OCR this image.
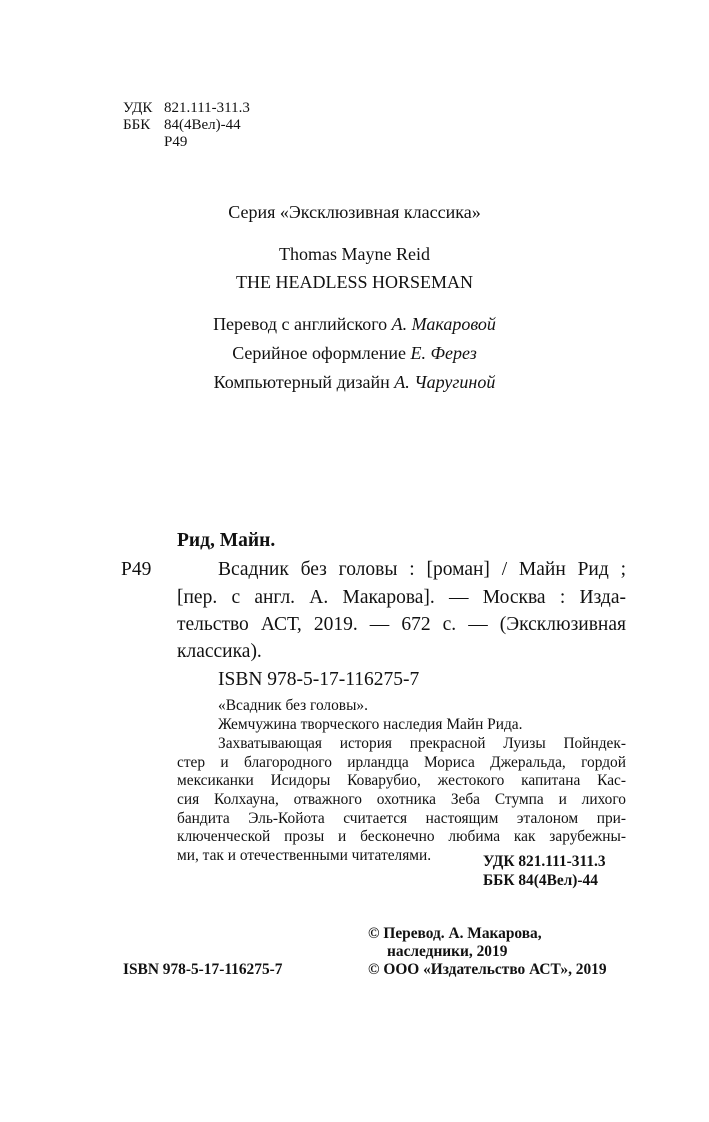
УДК 821.111-311.3
ББК 84(4Вел)-44
Р49
Серия «Эксклюзивная классика»
Thomas Mayne Reid
THE HEADLESS HORSEMAN
Перевод с английского А. Макаровой
Серийное оформление Е. Ферез
Компьютерный дизайн А. Чаругиной
Рид, Майн.
Р49	Всадник без головы : [роман] / Майн Рид ;
[пер. с англ. А. Макарова]. — Москва : Изда-
тельство АСТ, 2019. — 672 с. — (Эксклюзивная
классика).
ISBN 978-5-17-116275-7
«Всадник без головы».
Жемчужина творческого наследия Майн Рида.
Захватывающая история прекрасной Луизы Пойндек-
стер и благородного ирландца Мориса Джеральда, гордой
мексиканки Исидоры Коварубио, жестокого капитана Кас-
сия Колхауна, отважного охотника Зеба Стумпа и лихого
бандита Эль-Койота считается настоящим эталоном при-
ключенческой прозы и бесконечно любима как зарубежны-
ми, так и отечественными читателями.	УДК 821.111-311.3
ББК 84(4Вел)-44
ISBN 978-5-17-116275-7
© Перевод. А. Макарова,
наследники, 2019
© ООО «Издательство АСТ», 2019
